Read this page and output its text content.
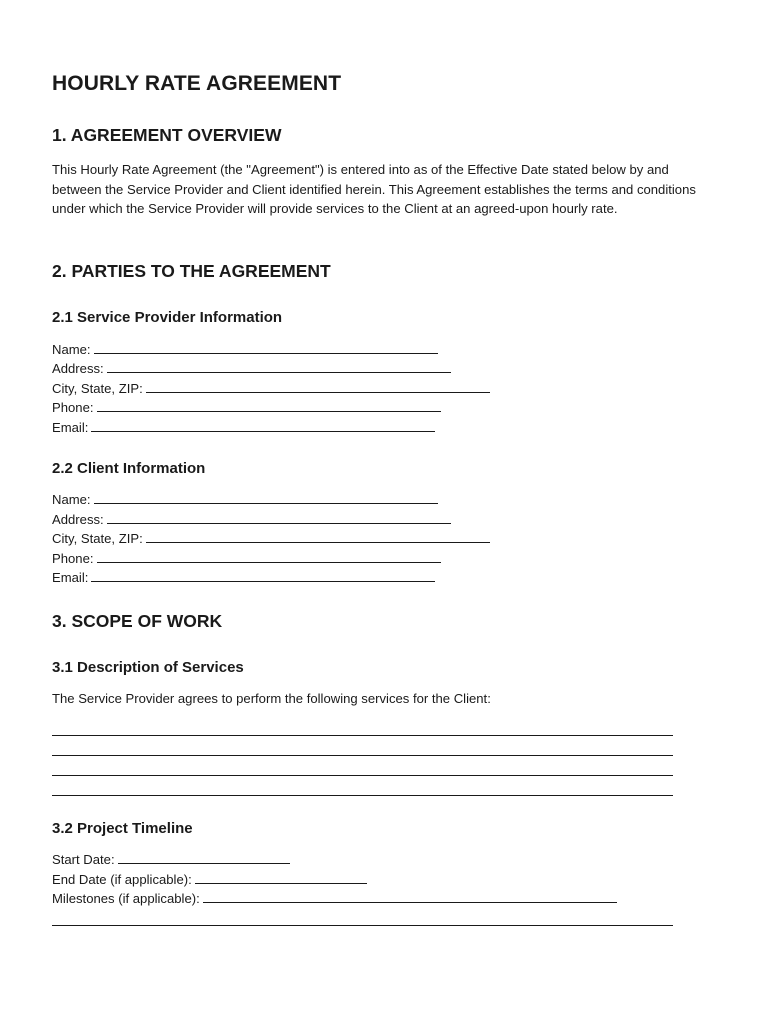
HOURLY RATE AGREEMENT
1. AGREEMENT OVERVIEW

This Hourly Rate Agreement (the "Agreement") is entered into as of the Effective Date stated below by and between the Service Provider and Client identified herein. This Agreement establishes the terms and conditions under which the Service Provider will provide services to the Client at an agreed-upon hourly rate.

2. PARTIES TO THE AGREEMENT
2.1 Service Provider Information
Name:
Address:
City, State, ZIP:
Phone:
Email:
2.2 Client Information
Name:
Address:
City, State, ZIP:
Phone:
Email:
3. SCOPE OF WORK
3.1 Description of Services

The Service Provider agrees to perform the following services for the Client:

3.2 Project Timeline
Start Date:
End Date (if applicable):
Milestones (if applicable):
